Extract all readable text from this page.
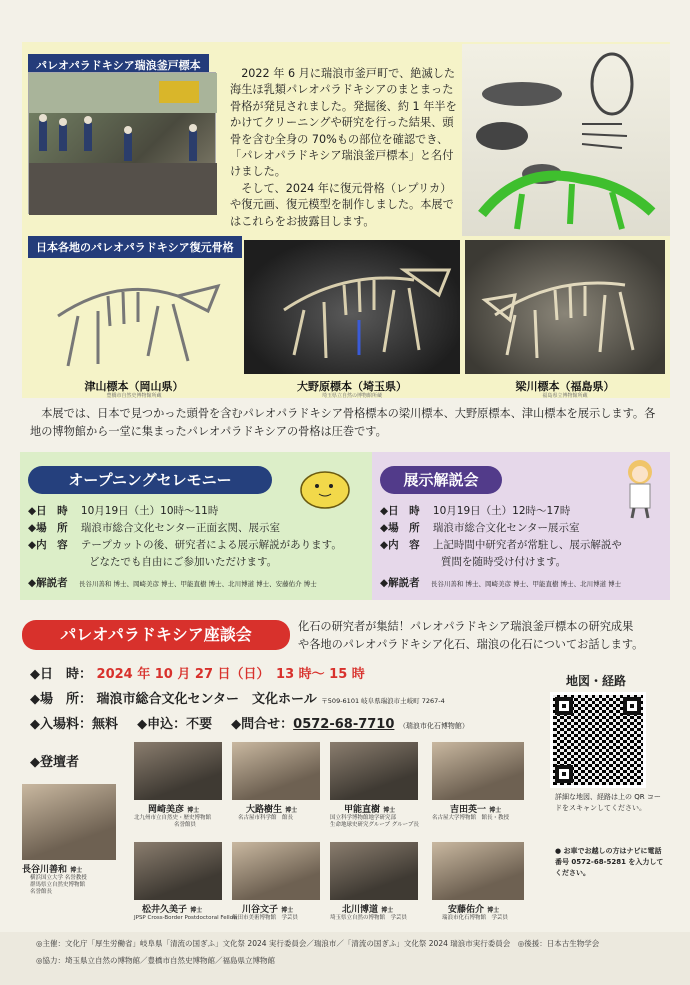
パレオパラドキシア瑞浪釜戸標本

2022 年 6 月に瑞浪市釜戸町で、絶滅した海生ほ乳類パレオパラドキシアのまとまった骨格が発見されました。発掘後、約 1 年半をかけてクリーニングや研究を行った結果、頭骨を含む全身の 70%もの部位を確認でき、「パレオパラドキシア瑞浪釜戸標本」と名付けました。

そして、2024 年に復元骨格（レプリカ）や復元画、復元模型を制作しました。本展ではこれらをお披露目します。

日本各地のパレオパラドキシア復元骨格
津山標本（岡山県）
豊橋市自然史博物館所蔵
大野原標本（埼玉県）
埼玉県立自然の博物館所蔵
梁川標本（福島県）
福島県立博物館所蔵

本展では、日本で見つかった頭骨を含むパレオパラドキシア骨格標本の梁川標本、大野原標本、津山標本を展示します。各地の博物館から一堂に集まったパレオパラドキシアの骨格は圧巻です。

オープニングセレモニー
◆日　時 10月19日（土）10時～11時
◆場　所 瑞浪市総合文化センター正面玄関、展示室
◆内　容 テープカットの後、研究者による展示解説があります。
どなたでも自由にご参加いただけます。
◆解説者 長谷川善和 博士、岡崎美彦 博士、甲能直樹 博士、北川博道 博士、安藤佑介 博士
展示解説会
◆日　時 10月19日（土）12時～17時
◆場　所 瑞浪市総合文化センター展示室
◆内　容 上記時間中研究者が常駐し、展示解説や
質問を随時受け付けます。
◆解説者 長谷川善和 博士、岡崎美彦 博士、甲能直樹 博士、北川博道 博士
パレオパラドキシア座談会	化石の研究者が集結！パレオパラドキシア瑞浪釜戸標本の研究成果
や各地のパレオパラドキシア化石、瑞浪の化石についてお話します。
◆日　時： 2024 年 10 月 27 日（日）　13 時～ 15 時
◆場　所： 瑞浪市総合文化センター　文化ホール 〒509-6101 岐阜県瑞浪市土岐町 7267-4
◆入場料：無料 ◆申込：不要 ◆問合せ：0572-68-7710 （瑞浪市化石博物館）
◆登壇者
地図・経路
詳細な地図、経路は上の QR コードをスキャンしてください。
● お車でお越しの方はナビに電話番号 0572-68-5281 を入力してください。
長谷川善和 博士
横浜国立大学 名誉教授
群馬県立自然史博物館
名誉館長
岡崎美彦 博士
北九州市立自然史・歴史博物館
名誉館員
大路樹生 博士
名古屋市科学館　館長
甲能直樹 博士
国立科学博物館地学研究部
生命地球史研究グループ グループ長
吉田英一 博士
名古屋大学博物館　館長・教授
松井久美子 博士
JPSP Cross-Border Postdoctoral Fellow
川谷文子 博士
飯田市美術博物館　学芸員
北川博道 博士
埼玉県立自然の博物館　学芸員
安藤佑介 博士
瑞浪市化石博物館　学芸員
◎主催：文化庁「厚生労働省」岐阜県「清流の国ぎふ」文化祭 2024 実行委員会／瑞浪市／「清流の国ぎふ」文化祭 2024 瑞浪市実行委員会　◎後援：日本古生物学会
◎協力：埼玉県立自然の博物館／豊橋市自然史博物館／福島県立博物館
